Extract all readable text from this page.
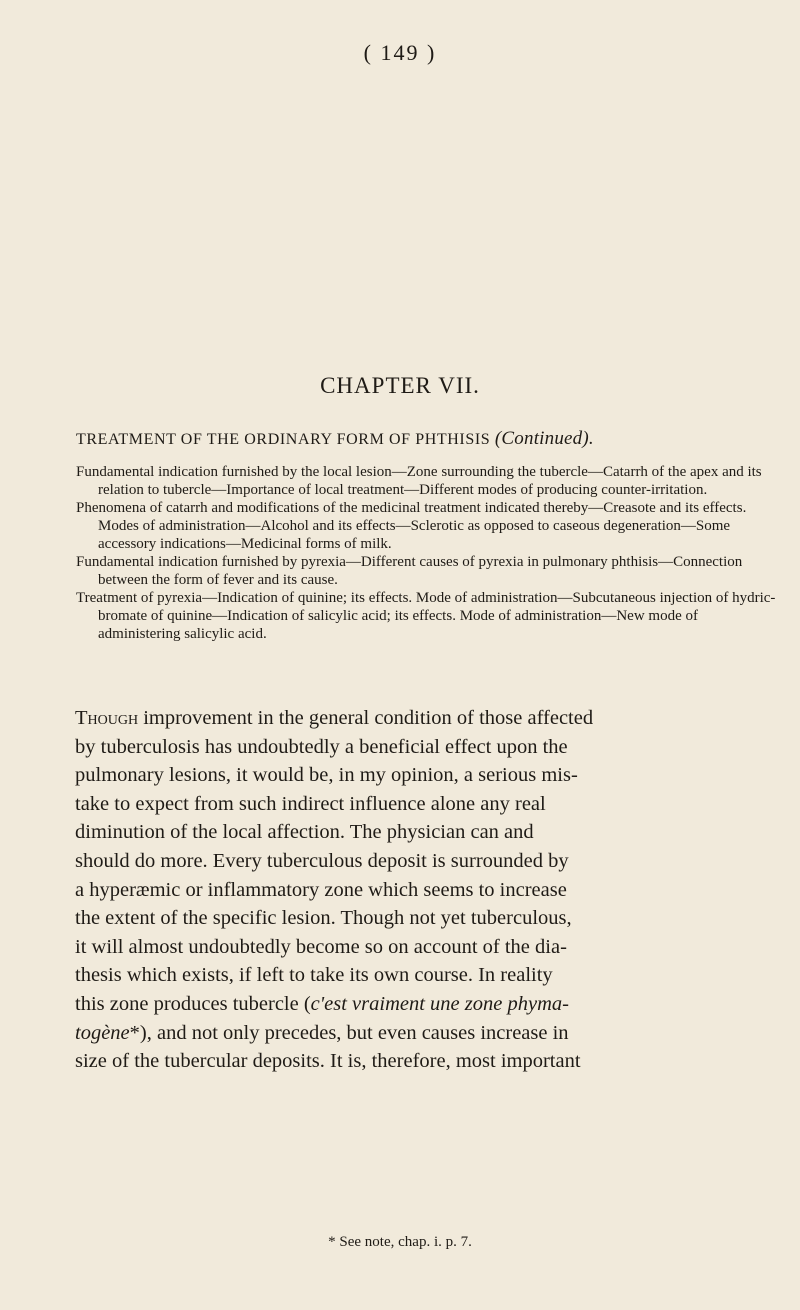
( 149 )
CHAPTER VII.
TREATMENT OF THE ORDINARY FORM OF PHTHISIS (Continued).

Fundamental indication furnished by the local lesion—Zone surrounding the tubercle—Catarrh of the apex and its relation to tubercle—Importance of local treatment—Different modes of producing counter-irritation.

Phenomena of catarrh and modifications of the medicinal treatment indicated thereby—Creasote and its effects. Modes of administration—Alcohol and its effects—Sclerotic as opposed to caseous degeneration—Some accessory indications—Medicinal forms of milk.

Fundamental indication furnished by pyrexia—Different causes of pyrexia in pulmonary phthisis—Connection between the form of fever and its cause.

Treatment of pyrexia—Indication of quinine; its effects. Mode of administration—Subcutaneous injection of hydric-bromate of quinine—Indication of salicylic acid; its effects. Mode of administration—New mode of administering salicylic acid.

Though improvement in the general condition of those affected
by tuberculosis has undoubtedly a beneficial effect upon the
pulmonary lesions, it would be, in my opinion, a serious mis-
take to expect from such indirect influence alone any real
diminution of the local affection. The physician can and
should do more. Every tuberculous deposit is surrounded by
a hyperæmic or inflammatory zone which seems to increase
the extent of the specific lesion. Though not yet tuberculous,
it will almost undoubtedly become so on account of the dia-
thesis which exists, if left to take its own course. In reality
this zone produces tubercle (c'est vraiment une zone phyma-
togène*), and not only precedes, but even causes increase in
size of the tubercular deposits. It is, therefore, most important
* See note, chap. i. p. 7.
